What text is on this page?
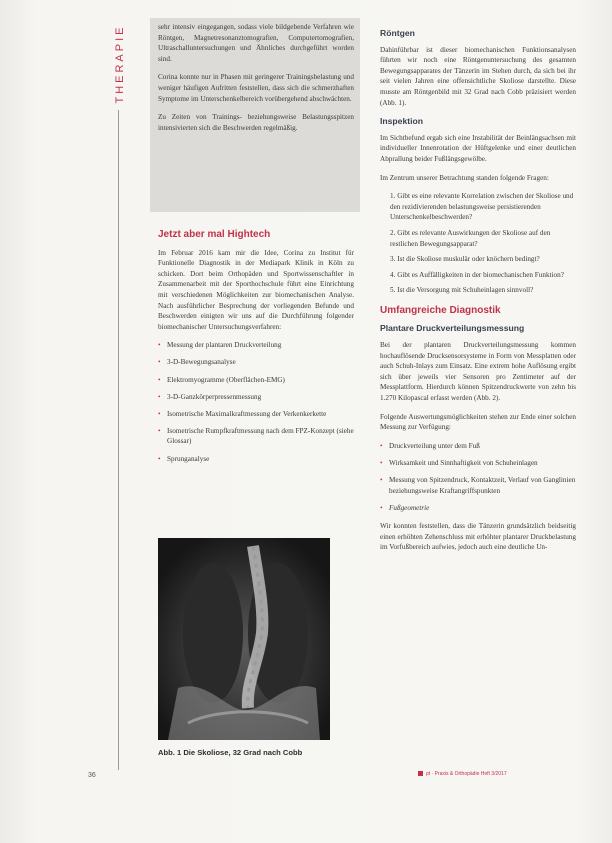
THERAPIE	sehr intensiv eingegangen, sodass viele bildgebende Verfahren wie Röntgen, Magnetresonanztomografien, Computertomografien, Ultraschalluntersuchungen und Ähnliches durchgeführt worden sind.

Corina konnte nur in Phasen mit geringerer Trainingsbelastung und weniger häufigen Aufritten feststellen, dass sich die schmerzhaften Symptome im Unterschenkelbereich vorübergehend abschwächten.

Zu Zeiten von Trainings- beziehungsweise Belastungsspitzen intensivierten sich die Beschwerden regelmäßig.

Jetzt aber mal Hightech

Im Februar 2016 kam mir die Idee, Corina zu Institut für Funktionelle Diagnostik in der Mediapark Klinik in Köln zu schicken. Dort beim Orthopäden und Sportwissenschaftler in Zusammenarbeit mit der Sporthochschule führt eine Einrichtung mit verschiedenen Möglichkeiten zur biomechanischen Analyse. Nach ausführlicher Besprechung der vorliegenden Befunde und Beschwerden einigten wir uns auf die Durchführung folgender biomechanischer Untersuchungsverfahren:

• Messung der plantaren Druckverteilung
• 3-D-Bewegungsanalyse
• Elektromyogramme (Oberflächen-EMG)
• 3-D-Ganzkörperpressenmessung
• Isometrische Maximalkraftmessung der Verkenkerkette
• Isometrische Rumpfkraftmessung nach dem FPZ-Konzept (siehe Glossar)
• Sprunganalyse
Abb. 1 Die Skoliose, 32 Grad nach Cobb
36
Röntgen

Dahinführbar ist dieser biomechanischen Funktionsanalysen führten wir noch eine Röntgenuntersuchung des gesamten Bewegungsapparates der Tänzerin im Stehen durch, da sich bei ihr seit vielen Jahren eine offensichtliche Skoliose darstellte. Diese musste am Röntgenbild mit 32 Grad nach Cobb präzisiert werden (Abb. 1).

Inspektion

Im Sichtbefund ergab sich eine Instabilität der Beinlängsachsen mit individueller Innenrotation der Hüftgelenke und einer deutlichen Abprallung beider Fußlängsgewölbe.

Im Zentrum unserer Betrachtung standen folgende Fragen:

1. Gibt es eine relevante Korrelation zwischen der Skoliose und den rezidivierenden belastungsweise persistierenden Unterschenkelbeschwerden?
2. Gibt es relevante Auswirkungen der Skoliose auf den restlichen Bewegungsapparat?
3. Ist die Skoliose muskulär oder knöchern bedingt?
4. Gibt es Auffälligkeiten in der biomechanischen Funktion?
5. Ist die Versorgung mit Schuheinlagen sinnvoll?
Umfangreiche Diagnostik
Plantare Druckverteilungsmessung

Bei der plantaren Druckverteilungsmessung kommen hochauflösende Drucksensorsysteme in Form von Messplatten oder auch Schuh-Inlays zum Einsatz. Eine extrem hohe Auflösung ergibt sich über jeweils vier Sensoren pro Zentimeter auf der Messplattform. Hierdurch können Spitzendruckwerte von zehn bis 1.270 Kilopascal erfasst werden (Abb. 2).

Folgende Auswertungsmöglichkeiten stehen zur Ende einer solchen Messung zur Verfügung:

• Druckverteilung unter dem Fuß
• Wirksamkeit und Sinnhaftigkeit von Schuheinlagen
• Messung von Spitzendruck, Kontaktzeit, Verlauf von Ganglinien beziehungsweise Kraftangriffspunkten
• Fußgeometrie

Wir konnten feststellen, dass die Tänzerin grundsätzlich beidseitig einen erhöhten Zehenschluss mit erhöhter plantarer Druckbelastung im Vorfußbereich aufwies, jedoch auch eine deutliche Un-

pt · Praxis & Orthopädie Heft 3/2017
